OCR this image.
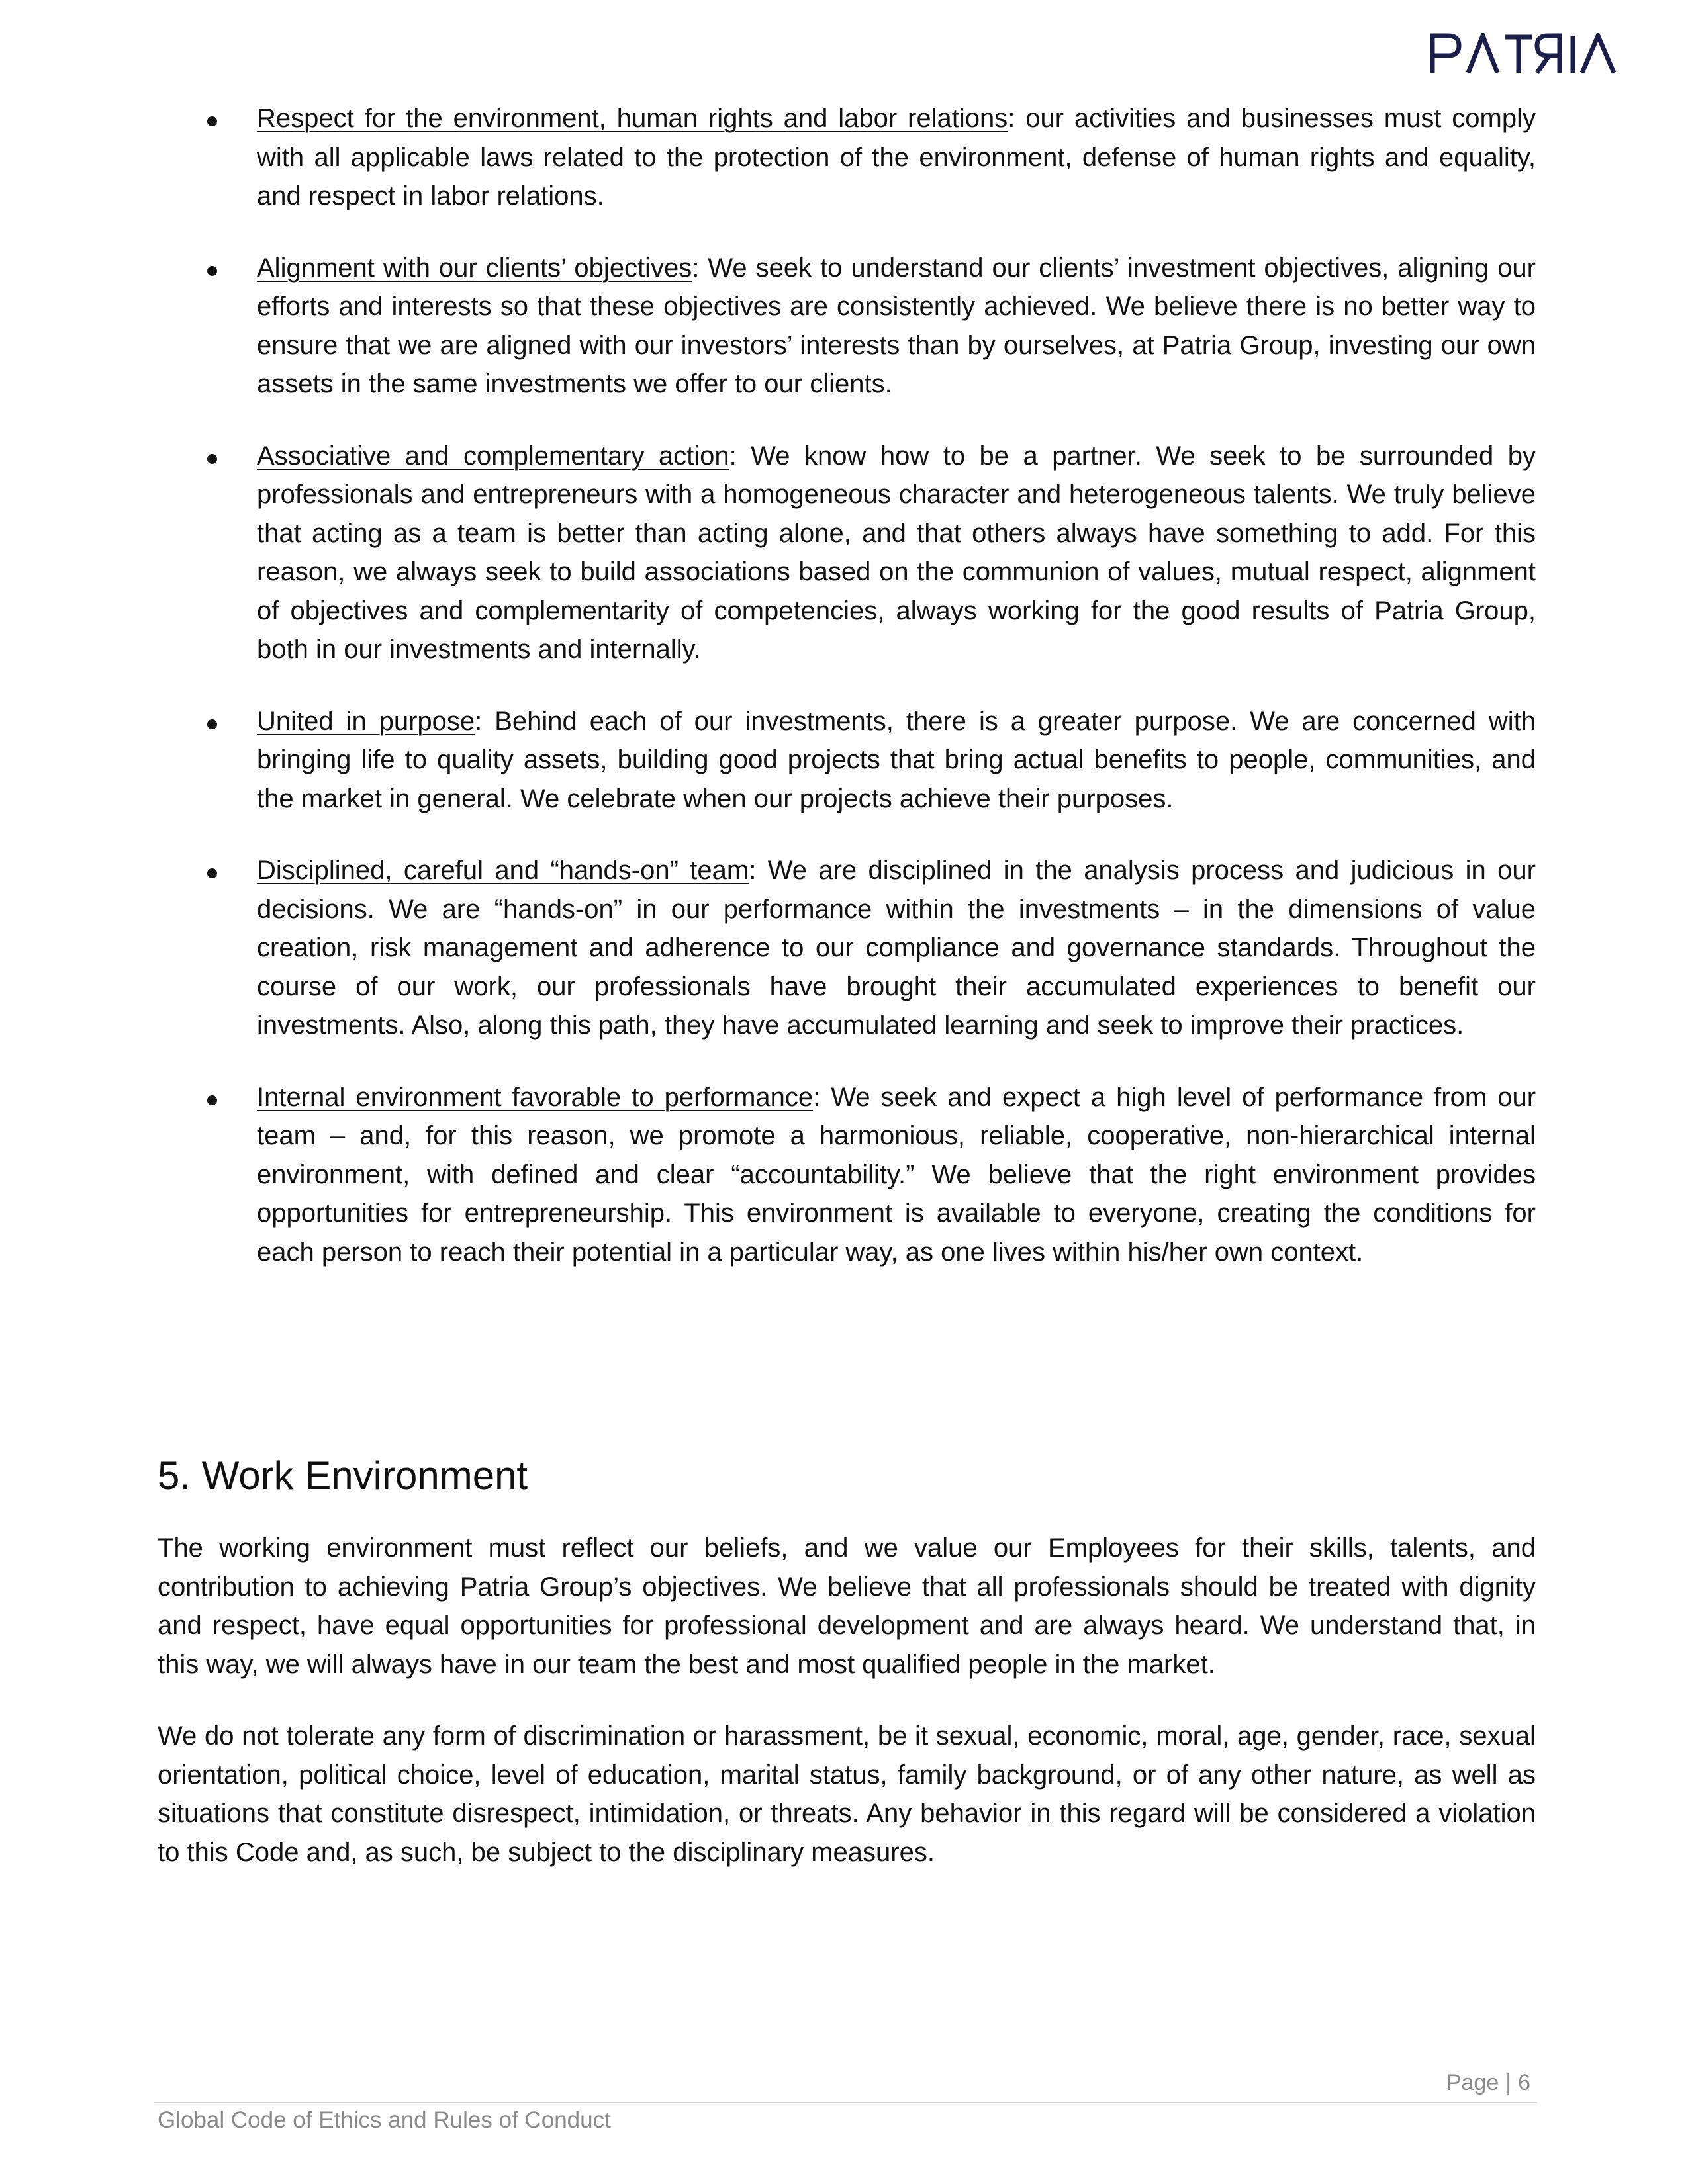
Respect for the environment, human rights and labor relations: our activities and businesses must comply with all applicable laws related to the protection of the environment, defense of human rights and equality, and respect in labor relations.

Alignment with our clients’ objectives: We seek to understand our clients’ investment objectives, aligning our efforts and interests so that these objectives are consistently achieved. We believe there is no better way to ensure that we are aligned with our investors’ interests than by ourselves, at Patria Group, investing our own assets in the same investments we offer to our clients.

Associative and complementary action: We know how to be a partner. We seek to be surrounded by professionals and entrepreneurs with a homogeneous character and heterogeneous talents. We truly believe that acting as a team is better than acting alone, and that others always have something to add. For this reason, we always seek to build associations based on the communion of values, mutual respect, alignment of objectives and complementarity of competencies, always working for the good results of Patria Group, both in our investments and internally.

United in purpose: Behind each of our investments, there is a greater purpose. We are concerned with bringing life to quality assets, building good projects that bring actual benefits to people, communities, and the market in general. We celebrate when our projects achieve their purposes.

Disciplined, careful and “hands-on” team: We are disciplined in the analysis process and judicious in our decisions. We are “hands-on” in our performance within the investments – in the dimensions of value creation, risk management and adherence to our compliance and governance standards. Throughout the course of our work, our professionals have brought their accumulated experiences to benefit our investments. Also, along this path, they have accumulated learning and seek to improve their practices.

Internal environment favorable to performance: We seek and expect a high level of performance from our team – and, for this reason, we promote a harmonious, reliable, cooperative, non-hierarchical internal environment, with defined and clear “accountability.” We believe that the right environment provides opportunities for entrepreneurship. This environment is available to everyone, creating the conditions for each person to reach their potential in a particular way, as one lives within his/her own context.

5. Work Environment

The working environment must reflect our beliefs, and we value our Employees for their skills, talents, and contribution to achieving Patria Group’s objectives. We believe that all professionals should be treated with dignity and respect, have equal opportunities for professional development and are always heard. We understand that, in this way, we will always have in our team the best and most qualified people in the market.

We do not tolerate any form of discrimination or harassment, be it sexual, economic, moral, age, gender, race, sexual orientation, political choice, level of education, marital status, family background, or of any other nature, as well as situations that constitute disrespect, intimidation, or threats. Any behavior in this regard will be considered a violation to this Code and, as such, be subject to the disciplinary measures.

Page | 6
Global Code of Ethics and Rules of Conduct
